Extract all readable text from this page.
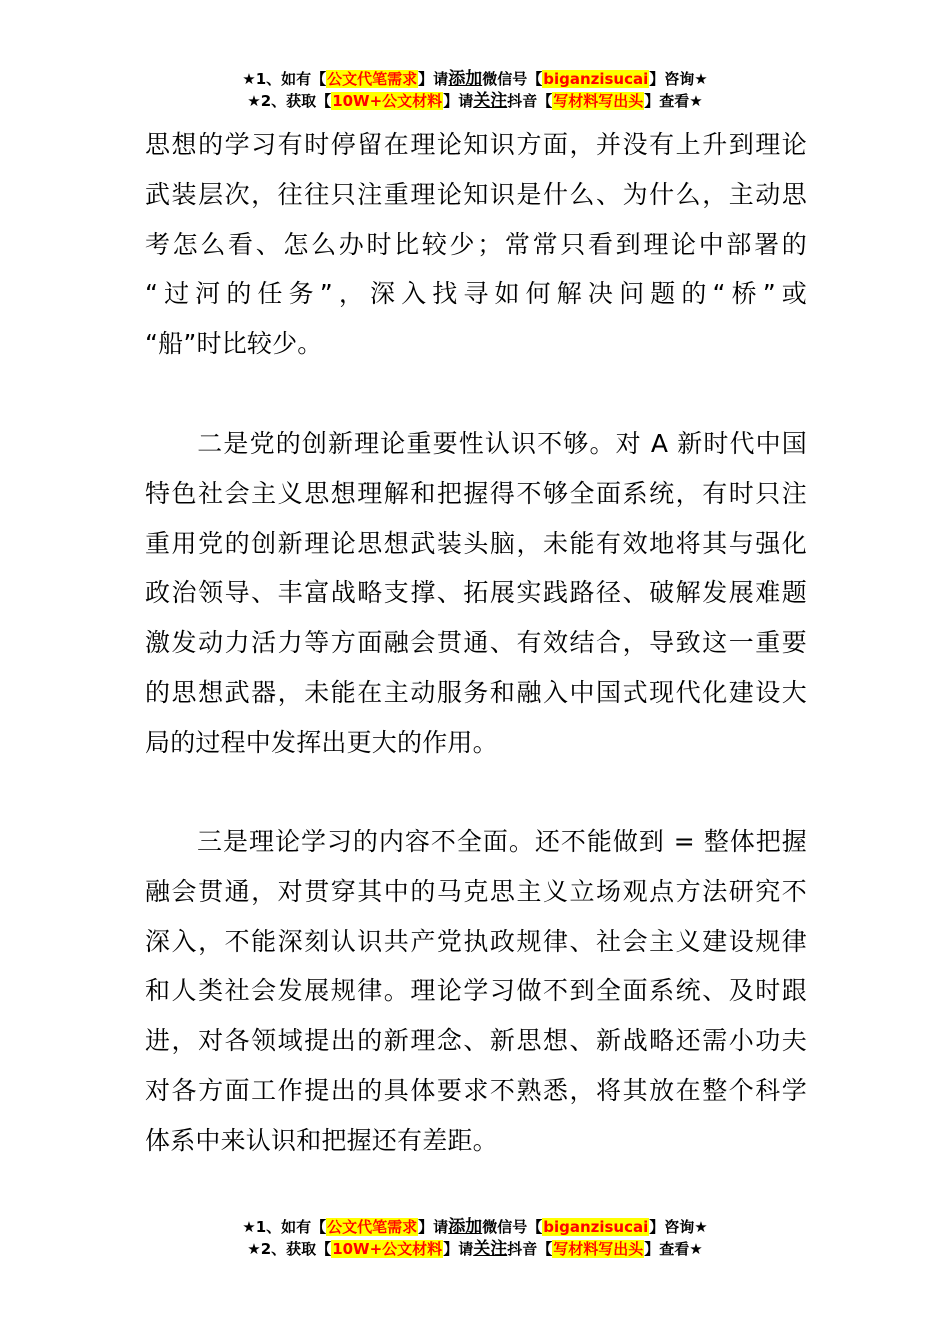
★1、如有【公文代笔需求】请添加微信号【biganzisucai】咨询★
★2、获取【10W+公文材料】请关注抖音【写材料写出头】查看★
思想的学习有时停留在理论知识方面，并没有上升到理论
武装层次，往往只注重理论知识是什么、为什么，主动思
考怎么看、怎么办时比较少；常常只看到理论中部署的
“过河的任务”，深入找寻如何解决问题的“桥”或
“船”时比较少。
　　二是党的创新理论重要性认识不够。对 A 新时代中国
特色社会主义思想理解和把握得不够全面系统，有时只注
重用党的创新理论思想武装头脑，未能有效地将其与强化
政治领导、丰富战略支撑、拓展实践路径、破解发展难题
激发动力活力等方面融会贯通、有效结合，导致这一重要
的思想武器，未能在主动服务和融入中国式现代化建设大
局的过程中发挥出更大的作用。
　　三是理论学习的内容不全面。还不能做到 = 整体把握
融会贯通，对贯穿其中的马克思主义立场观点方法研究不
深入，不能深刻认识共产党执政规律、社会主义建设规律
和人类社会发展规律。理论学习做不到全面系统、及时跟
进，对各领域提出的新理念、新思想、新战略还需小功夫
对各方面工作提出的具体要求不熟悉，将其放在整个科学
体系中来认识和把握还有差距。
★1、如有【公文代笔需求】请添加微信号【biganzisucai】咨询★
★2、获取【10W+公文材料】请关注抖音【写材料写出头】查看★
